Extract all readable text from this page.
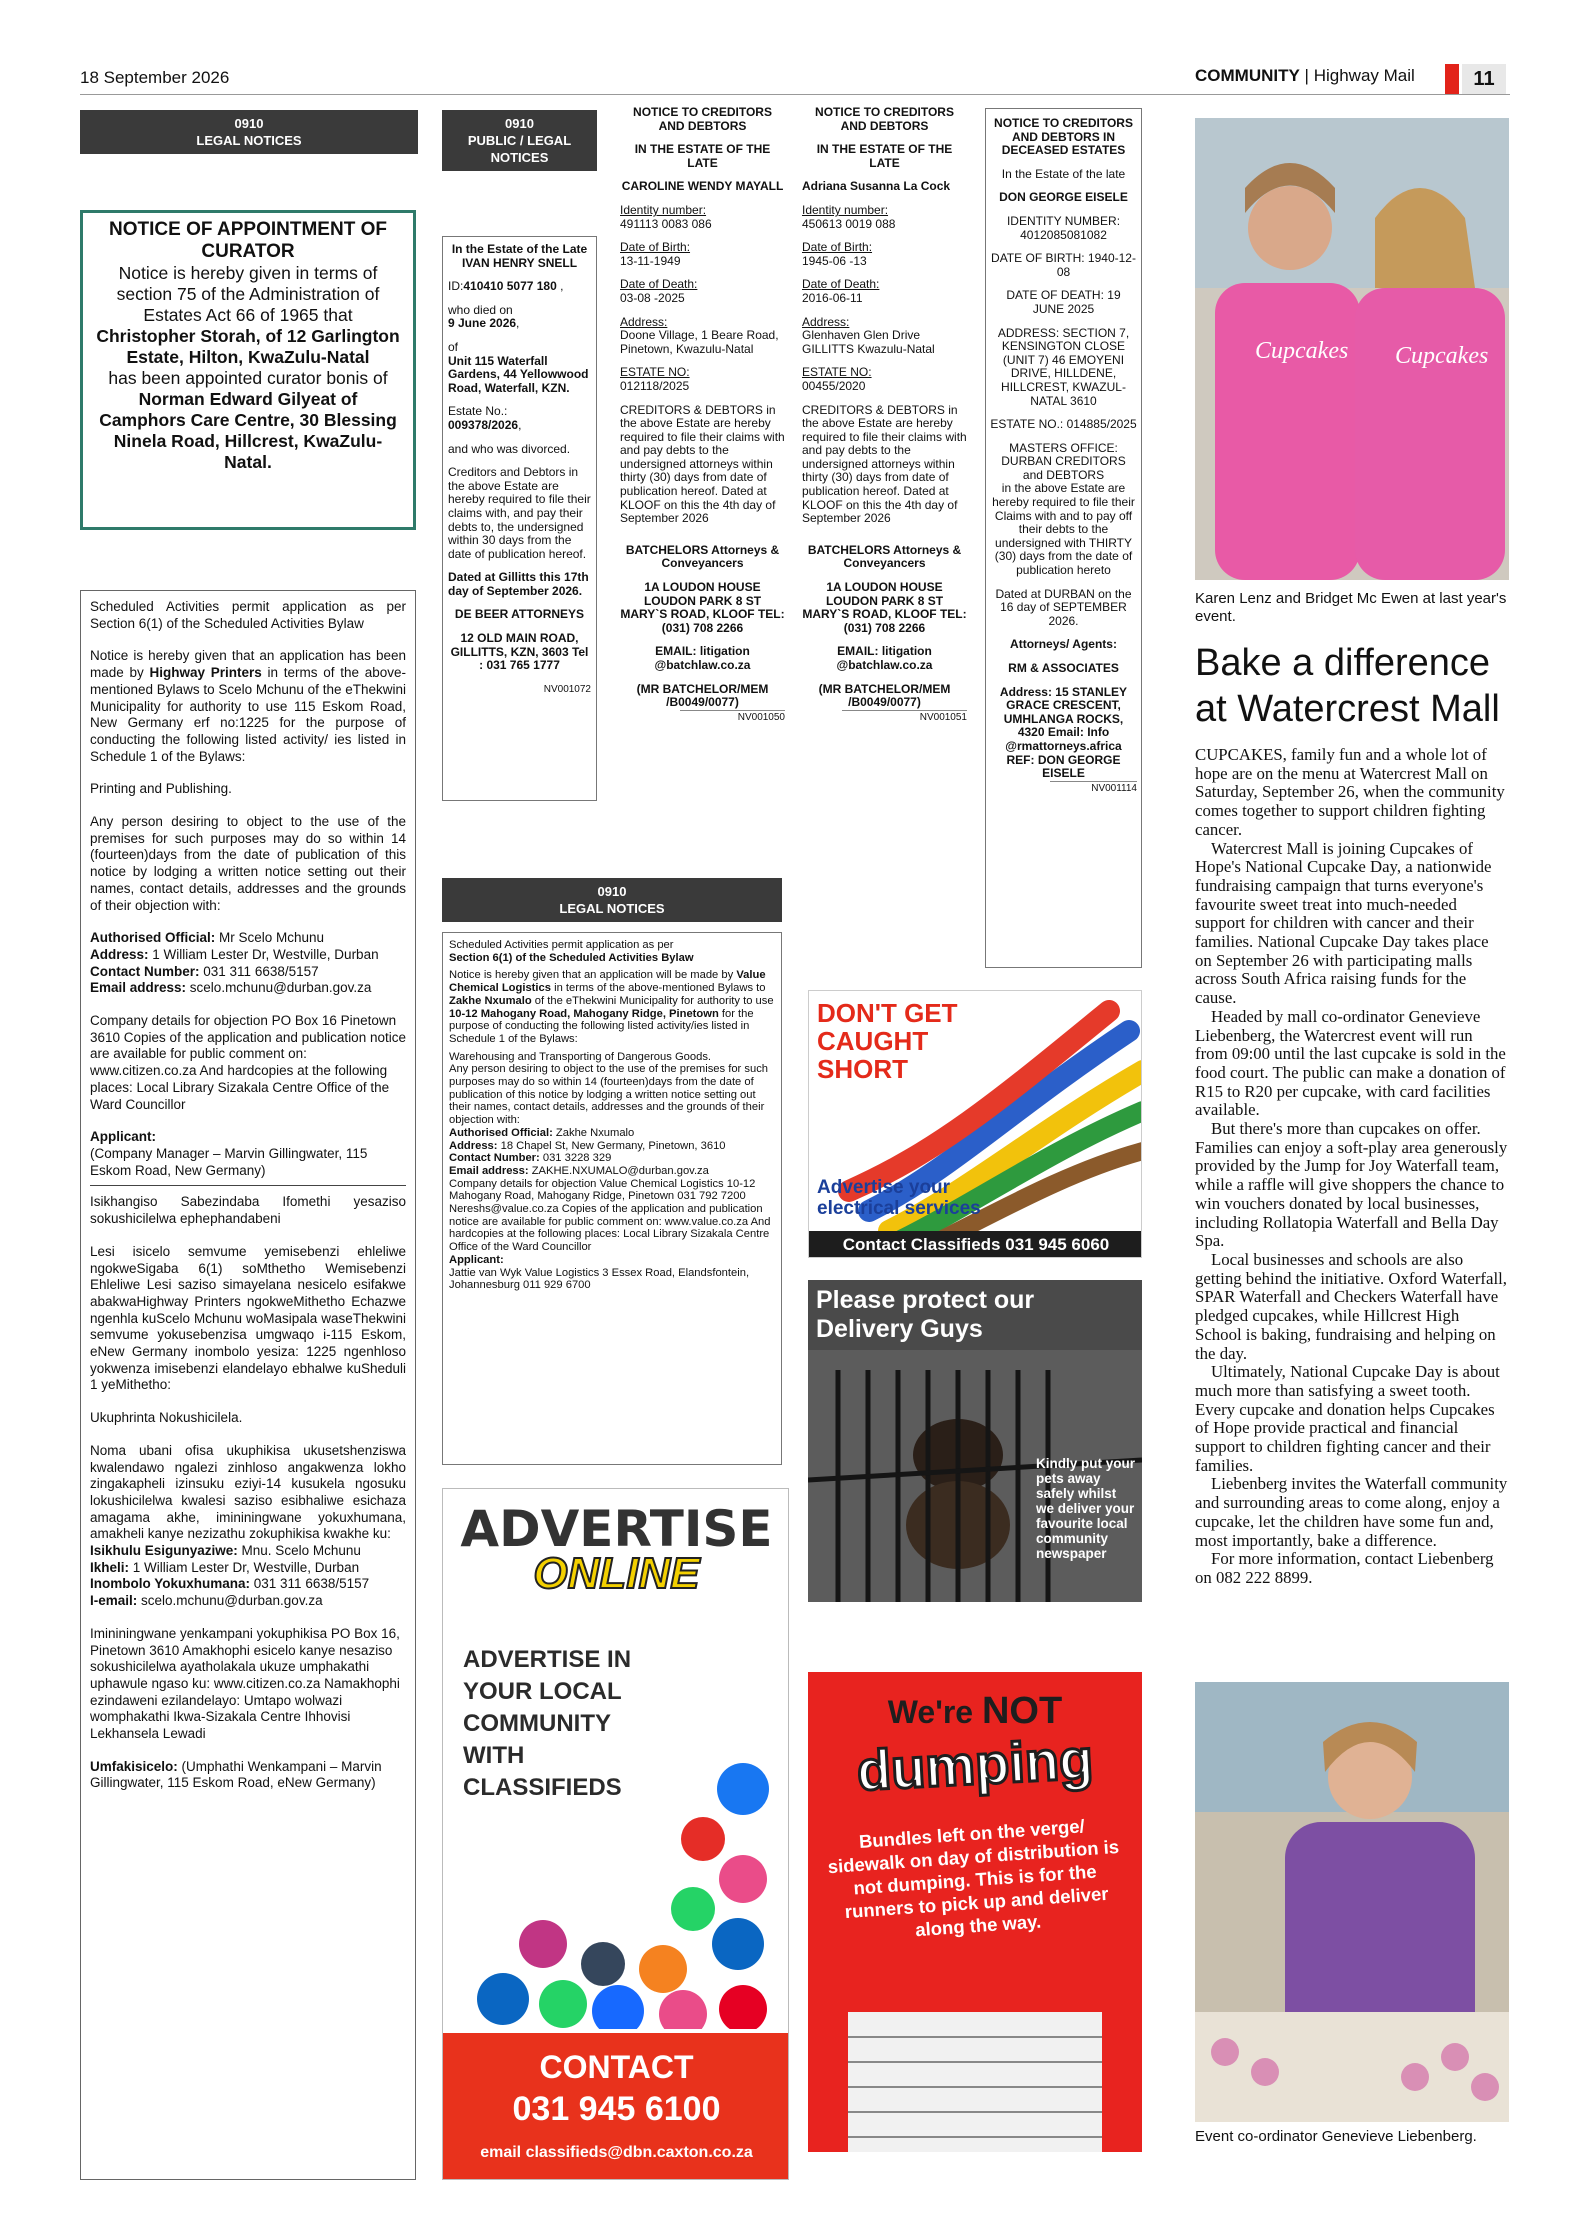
18 September 2026	COMMUNITY | Highway Mail	11
0910
LEGAL NOTICES
NOTICE OF APPOINTMENT OF CURATOR
Notice is hereby given in terms of section 75 of the Administration of Estates Act 66 of 1965 that
Christopher Storah, of 12 Garlington Estate, Hilton, KwaZulu-Natal
has been appointed curator bonis of
Norman Edward Gilyeat of Camphors Care Centre, 30 Blessing Ninela Road, Hillcrest, KwaZulu-Natal.

Scheduled Activities permit application as per Section 6(1) of the Scheduled Activities Bylaw

Notice is hereby given that an application has been made by Highway Printers in terms of the above-mentioned Bylaws to Scelo Mchunu of the eThekwini Municipality for authority to use 115 Eskom Road, New Germany erf no:1225 for the purpose of conducting the following listed activity/ ies listed in Schedule 1 of the Bylaws:

Printing and Publishing.

Any person desiring to object to the use of the premises for such purposes may do so within 14 (fourteen)days from the date of publication of this notice by lodging a written notice setting out their names, contact details, addresses and the grounds of their objection with:

Authorised Official: Mr Scelo Mchunu
Address: 1 William Lester Dr, Westville, Durban
Contact Number: 031 311 6638/5157

Email address: scelo.mchunu@durban.gov.za

Company details for objection PO Box 16 Pinetown 3610 Copies of the application and publication notice are available for public comment on: www.citizen.co.za And hardcopies at the following places: Local Library Sizakala Centre Office of the Ward Councillor

Applicant:
(Company Manager – Marvin Gillingwater, 115 Eskom Road, New Germany)

Isikhangiso Sabezindaba Ifomethi yesaziso sokushicilelwa ephephandabeni

Lesi isicelo semvume yemisebenzi ehleliwe ngokweSigaba 6(1) soMthetho Wemisebenzi Ehleliwe Lesi saziso simayelana nesicelo esifakwe abakwaHighway Printers ngokweMithetho Echazwe ngenhla kuScelo Mchunu woMasipala waseThekwini semvume yokusebenzisa umgwaqo i-115 Eskom, eNew Germany inombolo yesiza: 1225 ngenhloso yokwenza imisebenzi elandelayo ebhalwe kuSheduli 1 yeMithetho:

Ukuphrinta Nokushicilela.

Noma ubani ofisa ukuphikisa ukusetshenziswa kwalendawo ngalezi zinhloso angakwenza lokho zingakapheli izinsuku eziyi-14 kusukela ngosuku lokushicilelwa kwalesi saziso esibhaliwe esichaza amagama akhe, imininingwane yokuxhumana, amakheli kanye nezizathu zokuphikisa kwakhe ku:
Isikhulu Esigunyaziwe: Mnu. Scelo Mchunu
Ikheli: 1 William Lester Dr, Westville, Durban
Inombolo Yokuxhumana: 031 311 6638/5157

I-email: scelo.mchunu@durban.gov.za

Imininingwane yenkampani yokuphikisa PO Box 16, Pinetown 3610 Amakhophi esicelo kanye nesaziso sokushicilelwa ayatholakala ukuze umphakathi uphawule ngaso ku: www.citizen.co.za Namakhophi ezindaweni ezilandelayo: Umtapo wolwazi womphakathi Ikwa-Sizakala Centre Ihhovisi Lekhansela Lewadi

Umfakisicelo: (Umphathi Wenkampani – Marvin Gillingwater, 115 Eskom Road, eNew Germany)
0910
PUBLIC / LEGAL NOTICES

In the Estate of the Late IVAN HENRY SNELL

ID:410410 5077 180 ,

who died on
9 June 2026,

of

Unit 115 Waterfall Gardens, 44 Yellowwood Road, Waterfall, KZN.

Estate No.:
009378/2026,

and who was divorced.

Creditors and Debtors in the above Estate are hereby required to file their claims with, and pay their debts to, the undersigned within 30 days from the date of publication hereof.

Dated at Gillitts this 17th day of September 2026.

DE BEER ATTORNEYS

12 OLD MAIN ROAD, GILLITTS, KZN, 3603 Tel : 031 765 1777

NV001072
0910
LEGAL NOTICES
Scheduled Activities permit application as per
Section 6(1) of the Scheduled Activities Bylaw
Notice is hereby given that an application will be made by Value Chemical Logistics in terms of the above-mentioned Bylaws to Zakhe Nxumalo of the eThekwini Municipality for authority to use 10-12 Mahogany Road, Mahogany Ridge, Pinetown for the purpose of conducting the following listed activity/ies listed in Schedule 1 of the Bylaws:
Warehousing and Transporting of Dangerous Goods.
Any person desiring to object to the use of the premises for such purposes may do so within 14 (fourteen)days from the date of publication of this notice by lodging a written notice setting out their names, contact details, addresses and the grounds of their objection with:
Authorised Official: Zakhe Nxumalo
Address: 18 Chapel St, New Germany, Pinetown, 3610
Contact Number: 031 3228 329
Email address: ZAKHE.NXUMALO@durban.gov.za
Company details for objection Value Chemical Logistics 10-12 Mahogany Road, Mahogany Ridge, Pinetown 031 792 7200 Nereshs@value.co.za Copies of the application and publication notice are available for public comment on: www.value.co.za And hardcopies at the following places: Local Library Sizakala Centre Office of the Ward Councillor
Applicant:
Jattie van Wyk Value Logistics 3 Essex Road, Elandsfontein, Johannesburg 011 929 6700

NOTICE TO CREDITORS AND DEBTORS

IN THE ESTATE OF THE LATE

CAROLINE WENDY MAYALL

Identity number:
491113 0083 086

Date of Birth:
13-11-1949

Date of Death:
03-08 -2025

Address:
Doone Village, 1 Beare Road, Pinetown, Kwazulu-Natal

ESTATE NO:
012118/2025

CREDITORS & DEBTORS in the above Estate are hereby required to file their claims with and pay debts to the undersigned attorneys within thirty (30) days from date of publication hereof. Dated at KLOOF on this the 4th day of September 2026

BATCHELORS Attorneys & Conveyancers

1A LOUDON HOUSE LOUDON PARK 8 ST MARY`S ROAD, KLOOF TEL: (031) 708 2266

EMAIL: litigation @batchlaw.co.za

(MR BATCHELOR/MEM /B0049/0077)
NV001050

NOTICE TO CREDITORS AND DEBTORS

IN THE ESTATE OF THE LATE

Adriana Susanna La Cock

Identity number:
450613 0019 088

Date of Birth:
1945-06 -13

Date of Death:
2016-06-11

Address:
Glenhaven Glen Drive GILLITTS Kwazulu-Natal

ESTATE NO:
00455/2020

CREDITORS & DEBTORS in the above Estate are hereby required to file their claims with and pay debts to the undersigned attorneys within thirty (30) days from date of publication hereof. Dated at KLOOF on this the 4th day of September 2026

BATCHELORS Attorneys & Conveyancers

1A LOUDON HOUSE LOUDON PARK 8 ST MARY`S ROAD, KLOOF TEL: (031) 708 2266

EMAIL: litigation @batchlaw.co.za

(MR BATCHELOR/MEM /B0049/0077)
NV001051

NOTICE TO CREDITORS AND DEBTORS IN DECEASED ESTATES

In the Estate of the late

DON GEORGE EISELE

IDENTITY NUMBER: 4012085081082

DATE OF BIRTH: 1940-12-08

DATE OF DEATH: 19 JUNE 2025

ADDRESS: SECTION 7, KENSINGTON CLOSE (UNIT 7) 46 EMOYENI DRIVE, HILLDENE, HILLCREST, KWAZUL-NATAL 3610

ESTATE NO.: 014885/2025

MASTERS OFFICE: DURBAN CREDITORS and DEBTORS

in the above Estate are hereby required to file their Claims with and to pay off their debts to the undersigned with THIRTY (30) days from the date of publication hereto

Dated at DURBAN on the 16 day of SEPTEMBER 2026.

Attorneys/ Agents:

RM & ASSOCIATES

Address: 15 STANLEY GRACE CRESCENT, UMHLANGA ROCKS, 4320 Email: Info @rmattorneys.africa REF: DON GEORGE EISELE
NV001114
DON'T GET
CAUGHT
SHORT
Advertise your
electrical services
Contact Classifieds 031 945 6060
Please protect our
Delivery Guys
Kindly put your pets away safely whilst we deliver your favourite local community newspaper
ADVERTISE
ONLINE
ADVERTISE IN YOUR LOCAL COMMUNITY WITH CLASSIFIEDS
CONTACT
031 945 6100
email classifieds@dbn.caxton.co.za
We're NOT
dumping
Bundles left on the verge/ sidewalk on day of distribution is not dumping. This is for the runners to pick up and deliver along the way.
Cupcakes Cupcakes
Karen Lenz and Bridget Mc Ewen at last year's event.
Bake a difference at Watercrest Mall

CUPCAKES, family fun and a whole lot of hope are on the menu at Watercrest Mall on Saturday, September 26, when the community comes together to support children fighting cancer.

Watercrest Mall is joining Cupcakes of Hope's National Cupcake Day, a nationwide fundraising campaign that turns everyone's favourite sweet treat into much-needed support for children with cancer and their families. National Cupcake Day takes place on September 26 with participating malls across South Africa raising funds for the cause.

Headed by mall co-ordinator Genevieve Liebenberg, the Watercrest event will run from 09:00 until the last cupcake is sold in the food court. The public can make a donation of R15 to R20 per cupcake, with card facilities available.

But there's more than cupcakes on offer. Families can enjoy a soft-play area generously provided by the Jump for Joy Waterfall team, while a raffle will give shoppers the chance to win vouchers donated by local businesses, including Rollatopia Waterfall and Bella Day Spa.

Local businesses and schools are also getting behind the initiative. Oxford Waterfall, SPAR Waterfall and Checkers Waterfall have pledged cupcakes, while Hillcrest High School is baking, fundraising and helping on the day.

Ultimately, National Cupcake Day is about much more than satisfying a sweet tooth. Every cupcake and donation helps Cupcakes of Hope provide practical and financial support to children fighting cancer and their families.

Liebenberg invites the Waterfall community and surrounding areas to come along, enjoy a cupcake, let the children have some fun and, most importantly, bake a difference.

For more information, contact Liebenberg on 082 222 8899.

Event co-ordinator Genevieve Liebenberg.
